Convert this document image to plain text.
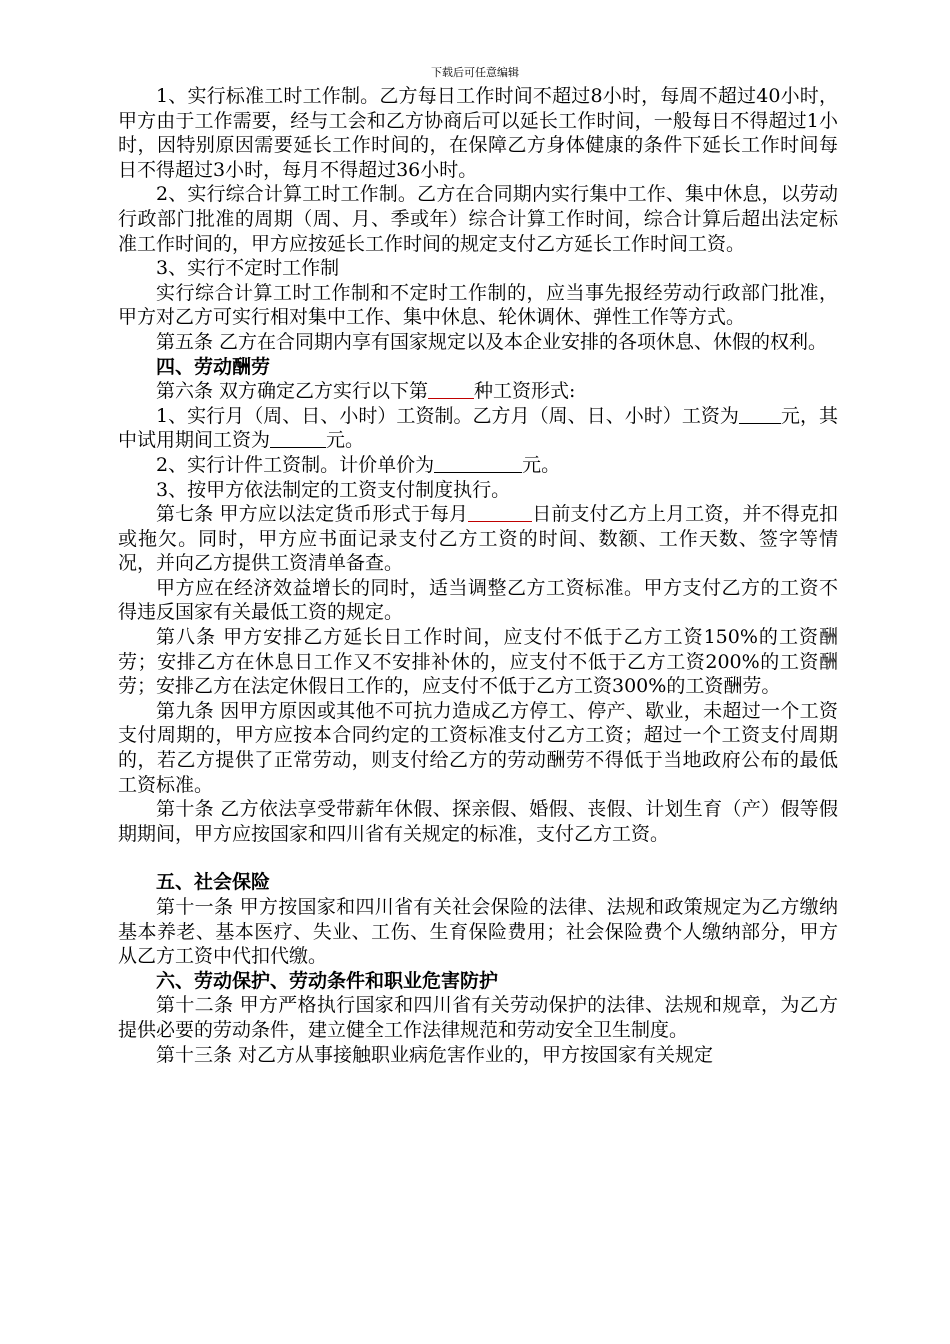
下载后可任意编辑

1、实行标准工时工作制。乙方每日工作时间不超过8小时，每周不超过40小时，甲方由于工作需要，经与工会和乙方协商后可以延长工作时间，一般每日不得超过1小时，因特别原因需要延长工作时间的，在保障乙方身体健康的条件下延长工作时间每日不得超过3小时，每月不得超过36小时。

2、实行综合计算工时工作制。乙方在合同期内实行集中工作、集中休息，以劳动行政部门批准的周期（周、月、季或年）综合计算工作时间，综合计算后超出法定标准工作时间的，甲方应按延长工作时间的规定支付乙方延长工作时间工资。

3、实行不定时工作制

实行综合计算工时工作制和不定时工作制的，应当事先报经劳动行政部门批准，甲方对乙方可实行相对集中工作、集中休息、轮休调休、弹性工作等方式。

第五条 乙方在合同期内享有国家规定以及本企业安排的各项休息、休假的权利。

四、劳动酬劳

第六条 双方确定乙方实行以下第 种工资形式:

1、实行月（周、日、小时）工资制。乙方月（周、日、小时）工资为 元，其中试用期间工资为	元。

2、实行计件工资制。计价单价为	元。

3、按甲方依法制定的工资支付制度执行。

第七条 甲方应以法定货币形式于每月	日前支付乙方上月工资，并不得克扣或拖欠。同时，甲方应书面记录支付乙方工资的时间、数额、工作天数、签字等情况，并向乙方提供工资清单备查。

甲方应在经济效益增长的同时，适当调整乙方工资标准。甲方支付乙方的工资不得违反国家有关最低工资的规定。

第八条 甲方安排乙方延长日工作时间，应支付不低于乙方工资150%的工资酬劳；安排乙方在休息日工作又不安排补休的，应支付不低于乙方工资200%的工资酬劳；安排乙方在法定休假日工作的，应支付不低于乙方工资300%的工资酬劳。

第九条 因甲方原因或其他不可抗力造成乙方停工、停产、歇业，未超过一个工资支付周期的，甲方应按本合同约定的工资标准支付乙方工资；超过一个工资支付周期的，若乙方提供了正常劳动，则支付给乙方的劳动酬劳不得低于当地政府公布的最低工资标准。

第十条 乙方依法享受带薪年休假、探亲假、婚假、丧假、计划生育（产）假等假期期间，甲方应按国家和四川省有关规定的标准，支付乙方工资。

五、社会保险

第十一条 甲方按国家和四川省有关社会保险的法律、法规和政策规定为乙方缴纳基本养老、基本医疗、失业、工伤、生育保险费用；社会保险费个人缴纳部分，甲方从乙方工资中代扣代缴。

六、劳动保护、劳动条件和职业危害防护

第十二条 甲方严格执行国家和四川省有关劳动保护的法律、法规和规章，为乙方提供必要的劳动条件，建立健全工作法律规范和劳动安全卫生制度。

第十三条 对乙方从事接触职业病危害作业的，甲方按国家有关规定
